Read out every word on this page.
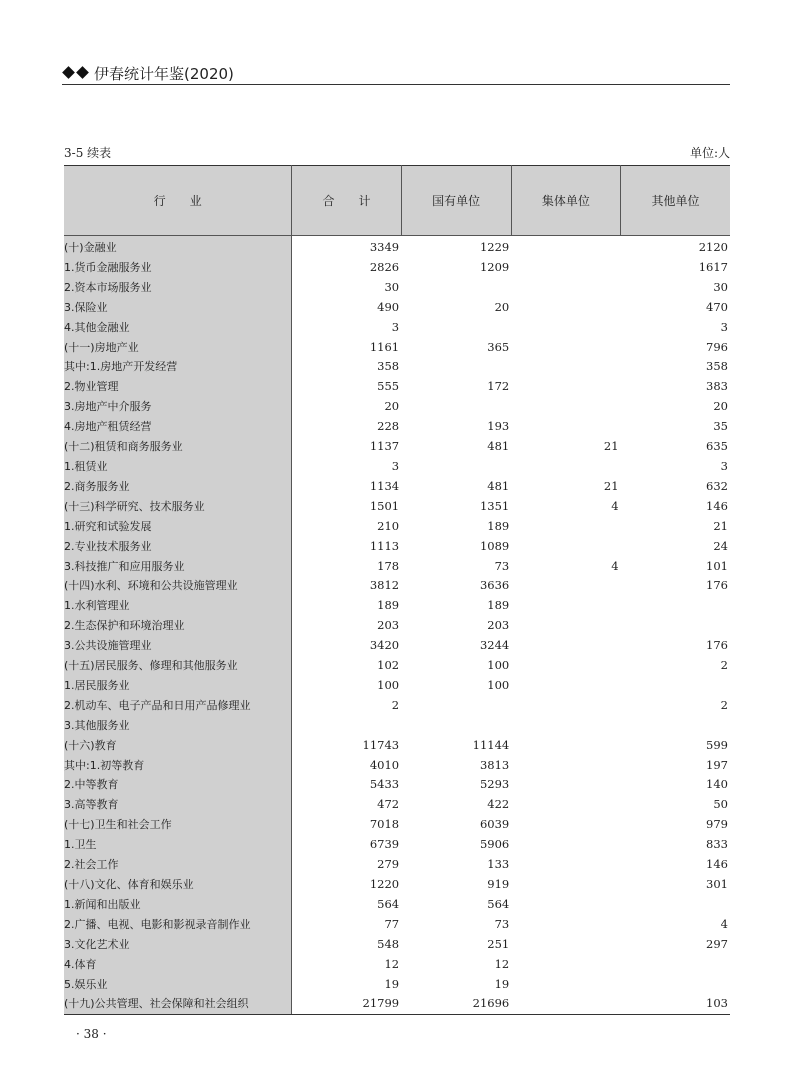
伊春统计年鉴(2020)
3-5 续表	单位:人
行　　业	合　　计	国有单位	集体单位	其他单位
(十)金融业	3349	1229		2120
1.货币金融服务业	2826	1209		1617
2.资本市场服务业	30			30
3.保险业	490	20		470
4.其他金融业	3			3
(十一)房地产业	1161	365		796
其中:1.房地产开发经营	358			358
2.物业管理	555	172		383
3.房地产中介服务	20			20
4.房地产租赁经营	228	193		35
(十二)租赁和商务服务业	1137	481	21	635
1.租赁业	3			3
2.商务服务业	1134	481	21	632
(十三)科学研究、技术服务业	1501	1351	4	146
1.研究和试验发展	210	189		21
2.专业技术服务业	1113	1089		24
3.科技推广和应用服务业	178	73	4	101
(十四)水利、环境和公共设施管理业	3812	3636		176
1.水利管理业	189	189		
2.生态保护和环境治理业	203	203		
3.公共设施管理业	3420	3244		176
(十五)居民服务、修理和其他服务业	102	100		2
1.居民服务业	100	100		
2.机动车、电子产品和日用产品修理业	2			2
3.其他服务业				
(十六)教育	11743	11144		599
其中:1.初等教育	4010	3813		197
2.中等教育	5433	5293		140
3.高等教育	472	422		50
(十七)卫生和社会工作	7018	6039		979
1.卫生	6739	5906		833
2.社会工作	279	133		146
(十八)文化、体育和娱乐业	1220	919		301
1.新闻和出版业	564	564		
2.广播、电视、电影和影视录音制作业	77	73		4
3.文化艺术业	548	251		297
4.体育	12	12		
5.娱乐业	19	19		
(十九)公共管理、社会保障和社会组织	21799	21696		103
· 38 ·
